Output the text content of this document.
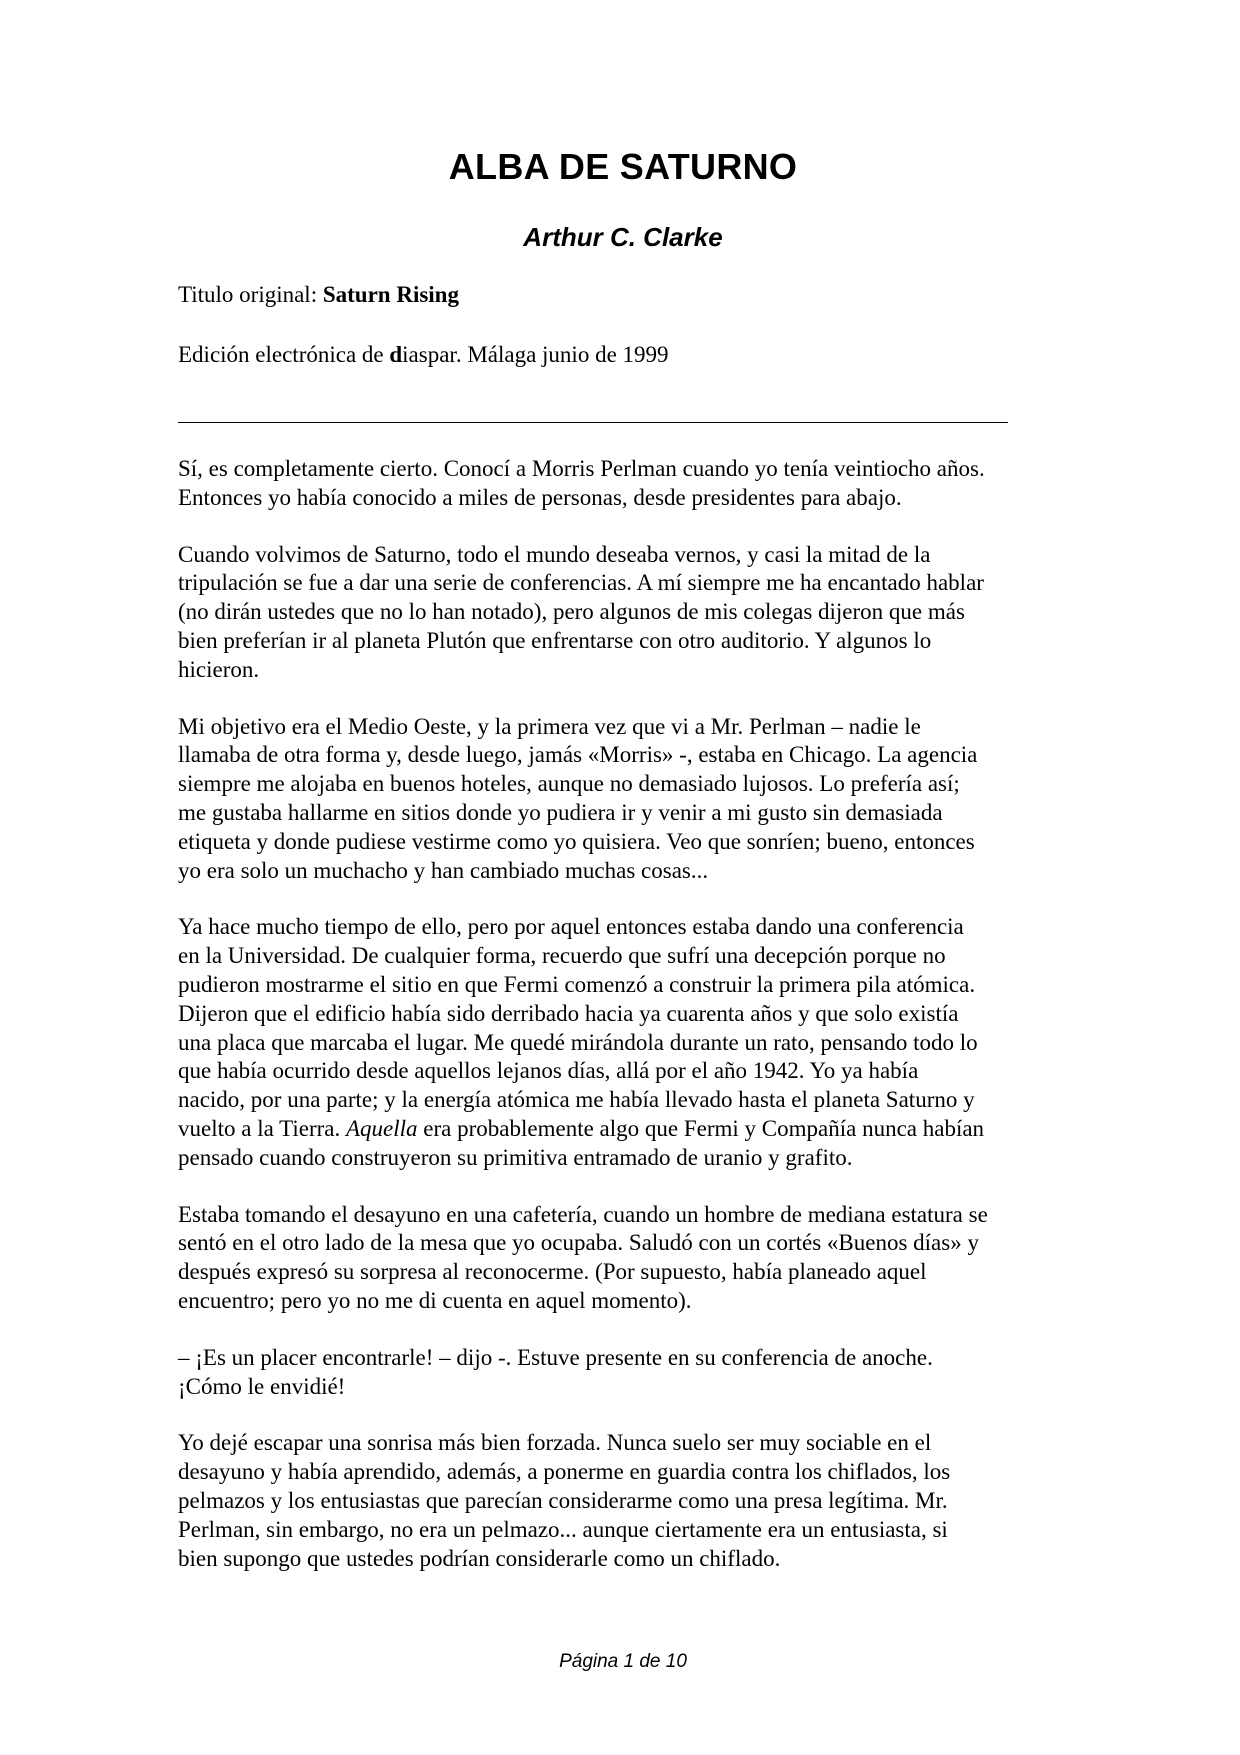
ALBA DE SATURNO
Arthur C. Clarke

Titulo original: Saturn Rising

Edición electrónica de diaspar. Málaga junio de 1999

Sí, es completamente cierto. Conocí a Morris Perlman cuando yo tenía veintiocho años.
Entonces yo había conocido a miles de personas, desde presidentes para abajo.

Cuando volvimos de Saturno, todo el mundo deseaba vernos, y casi la mitad de la
tripulación se fue a dar una serie de conferencias. A mí siempre me ha encantado hablar
(no dirán ustedes que no lo han notado), pero algunos de mis colegas dijeron que más
bien preferían ir al planeta Plutón que enfrentarse con otro auditorio. Y algunos lo
hicieron.

Mi objetivo era el Medio Oeste, y la primera vez que vi a Mr. Perlman – nadie le
llamaba de otra forma y, desde luego, jamás «Morris» -, estaba en Chicago. La agencia
siempre me alojaba en buenos hoteles, aunque no demasiado lujosos. Lo prefería así;
me gustaba hallarme en sitios donde yo pudiera ir y venir a mi gusto sin demasiada
etiqueta y donde pudiese vestirme como yo quisiera. Veo que sonríen; bueno, entonces
yo era solo un muchacho y han cambiado muchas cosas...

Ya hace mucho tiempo de ello, pero por aquel entonces estaba dando una conferencia
en la Universidad. De cualquier forma, recuerdo que sufrí una decepción porque no
pudieron mostrarme el sitio en que Fermi comenzó a construir la primera pila atómica.
Dijeron que el edificio había sido derribado hacia ya cuarenta años y que solo existía
una placa que marcaba el lugar. Me quedé mirándola durante un rato, pensando todo lo
que había ocurrido desde aquellos lejanos días, allá por el año 1942. Yo ya había
nacido, por una parte; y la energía atómica me había llevado hasta el planeta Saturno y
vuelto a la Tierra. Aquella era probablemente algo que Fermi y Compañía nunca habían
pensado cuando construyeron su primitiva entramado de uranio y grafito.

Estaba tomando el desayuno en una cafetería, cuando un hombre de mediana estatura se
sentó en el otro lado de la mesa que yo ocupaba. Saludó con un cortés «Buenos días» y
después expresó su sorpresa al reconocerme. (Por supuesto, había planeado aquel
encuentro; pero yo no me di cuenta en aquel momento).

– ¡Es un placer encontrarle! – dijo -. Estuve presente en su conferencia de anoche.
¡Cómo le envidié!

Yo dejé escapar una sonrisa más bien forzada. Nunca suelo ser muy sociable en el
desayuno y había aprendido, además, a ponerme en guardia contra los chiflados, los
pelmazos y los entusiastas que parecían considerarme como una presa legítima. Mr.
Perlman, sin embargo, no era un pelmazo... aunque ciertamente era un entusiasta, si
bien supongo que ustedes podrían considerarle como un chiflado.

Página 1 de 10
